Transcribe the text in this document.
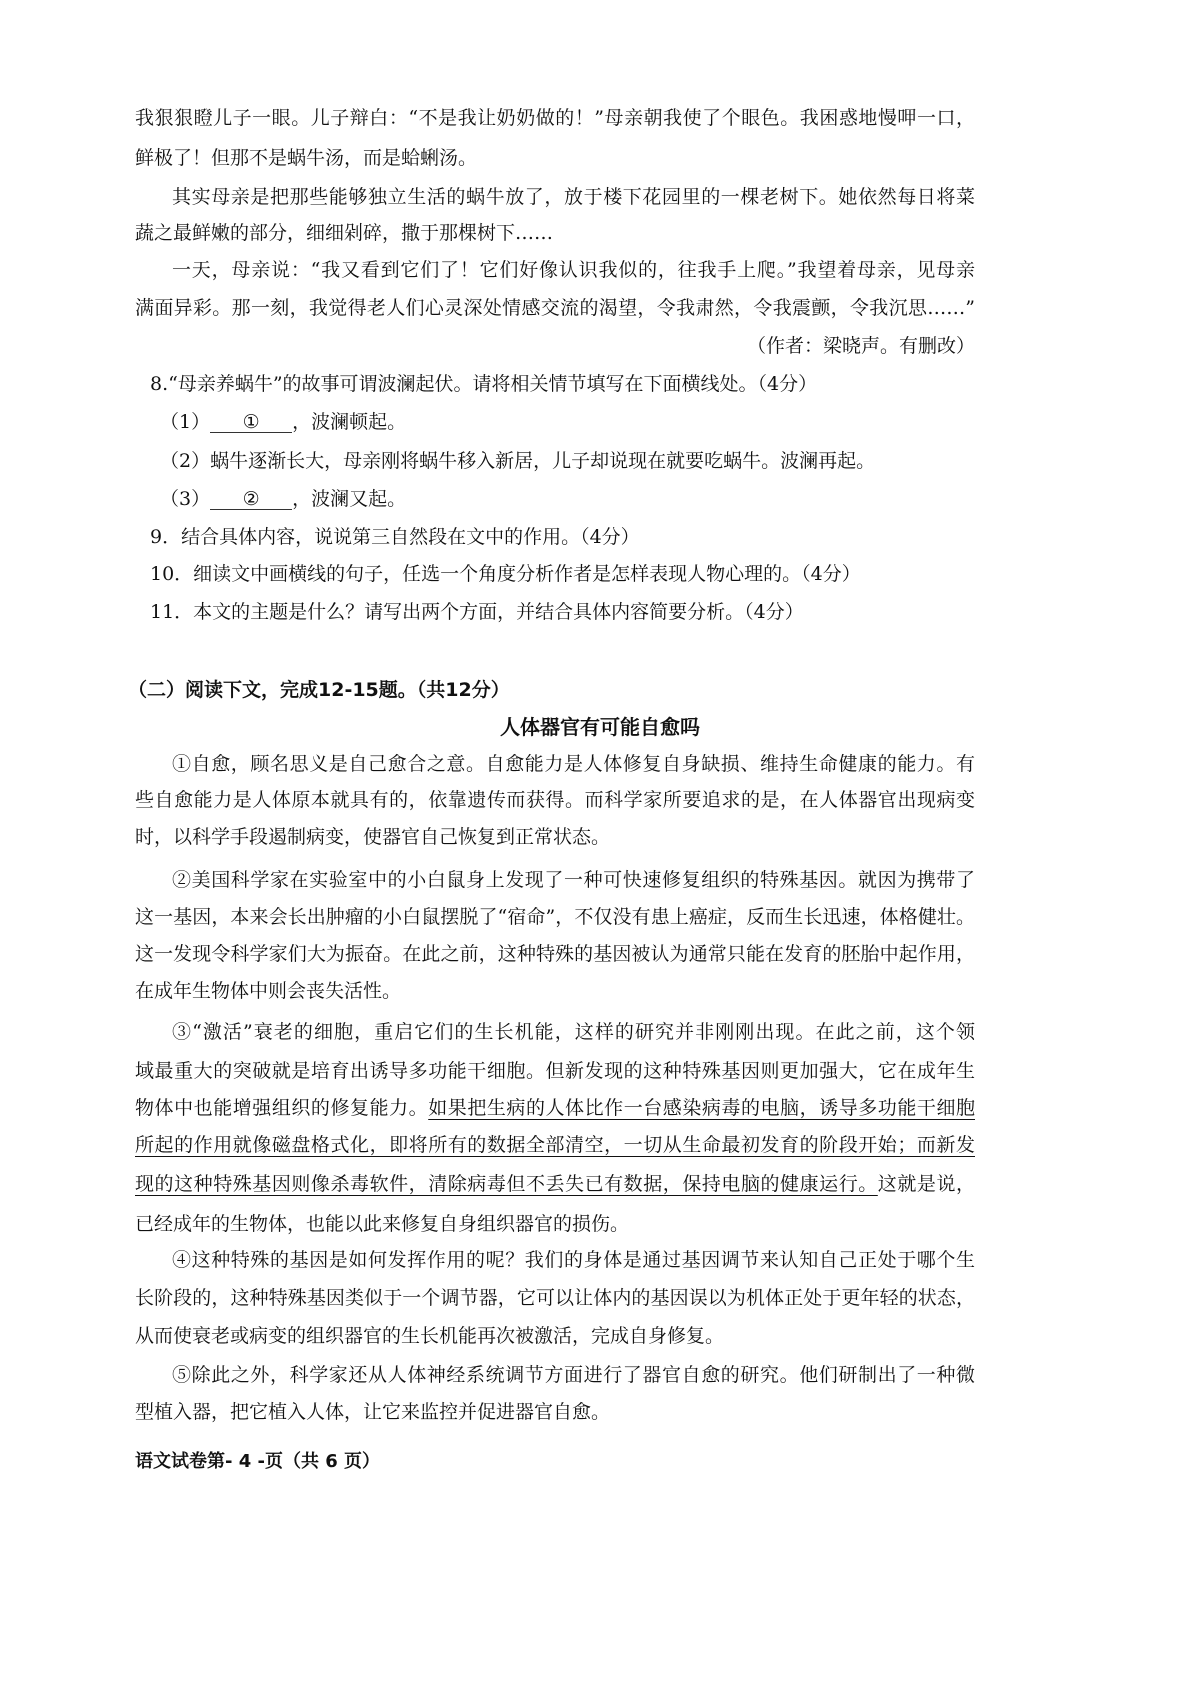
（二）阅读下文，完成12-15题。（共12分）
人体器官有可能自愈吗
语文试卷第- 4 -页（共 6 页）
我狠狠瞪儿子一眼。儿子辩白：“不是我让奶奶做的！”母亲朝我使了个眼色。我困惑地慢呷一口，
鲜极了！但那不是蜗牛汤，而是蛤蜊汤。
其实母亲是把那些能够独立生活的蜗牛放了，放于楼下花园里的一棵老树下。她依然每日将菜
蔬之最鲜嫩的部分，细细剁碎，撒于那棵树下……
一天，母亲说：“我又看到它们了！它们好像认识我似的，往我手上爬。”我望着母亲，见母亲
满面异彩。那一刻，我觉得老人们心灵深处情感交流的渴望，令我肃然，令我震颤，令我沉思……”
（作者：梁晓声。有删改）
8.“母亲养蜗牛”的故事可谓波澜起伏。请将相关情节填写在下面横线处。（4分）
（1） ① ，波澜顿起。
（2）蜗牛逐渐长大，母亲刚将蜗牛移入新居，儿子却说现在就要吃蜗牛。波澜再起。
（3） ② ，波澜又起。
9．结合具体内容，说说第三自然段在文中的作用。（4分）
10．细读文中画横线的句子，任选一个角度分析作者是怎样表现人物心理的。（4分）
11．本文的主题是什么？请写出两个方面，并结合具体内容简要分析。（4分）
①自愈，顾名思义是自己愈合之意。自愈能力是人体修复自身缺损、维持生命健康的能力。有
些自愈能力是人体原本就具有的，依靠遗传而获得。而科学家所要追求的是，在人体器官出现病变
时，以科学手段遏制病变，使器官自己恢复到正常状态。
②美国科学家在实验室中的小白鼠身上发现了一种可快速修复组织的特殊基因。就因为携带了
这一基因，本来会长出肿瘤的小白鼠摆脱了“宿命”，不仅没有患上癌症，反而生长迅速，体格健壮。
这一发现令科学家们大为振奋。在此之前，这种特殊的基因被认为通常只能在发育的胚胎中起作用，
在成年生物体中则会丧失活性。
③“激活”衰老的细胞，重启它们的生长机能，这样的研究并非刚刚出现。在此之前，这个领
域最重大的突破就是培育出诱导多功能干细胞。但新发现的这种特殊基因则更加强大，它在成年生
物体中也能增强组织的修复能力。如果把生病的人体比作一台感染病毒的电脑，诱导多功能干细胞
所起的作用就像磁盘格式化，即将所有的数据全部清空，一切从生命最初发育的阶段开始；而新发
现的这种特殊基因则像杀毒软件，清除病毒但不丢失已有数据，保持电脑的健康运行。这就是说，
已经成年的生物体，也能以此来修复自身组织器官的损伤。
④这种特殊的基因是如何发挥作用的呢？我们的身体是通过基因调节来认知自己正处于哪个生
长阶段的，这种特殊基因类似于一个调节器，它可以让体内的基因误以为机体正处于更年轻的状态，
从而使衰老或病变的组织器官的生长机能再次被激活，完成自身修复。
⑤除此之外，科学家还从人体神经系统调节方面进行了器官自愈的研究。他们研制出了一种微
型植入器，把它植入人体，让它来监控并促进器官自愈。
